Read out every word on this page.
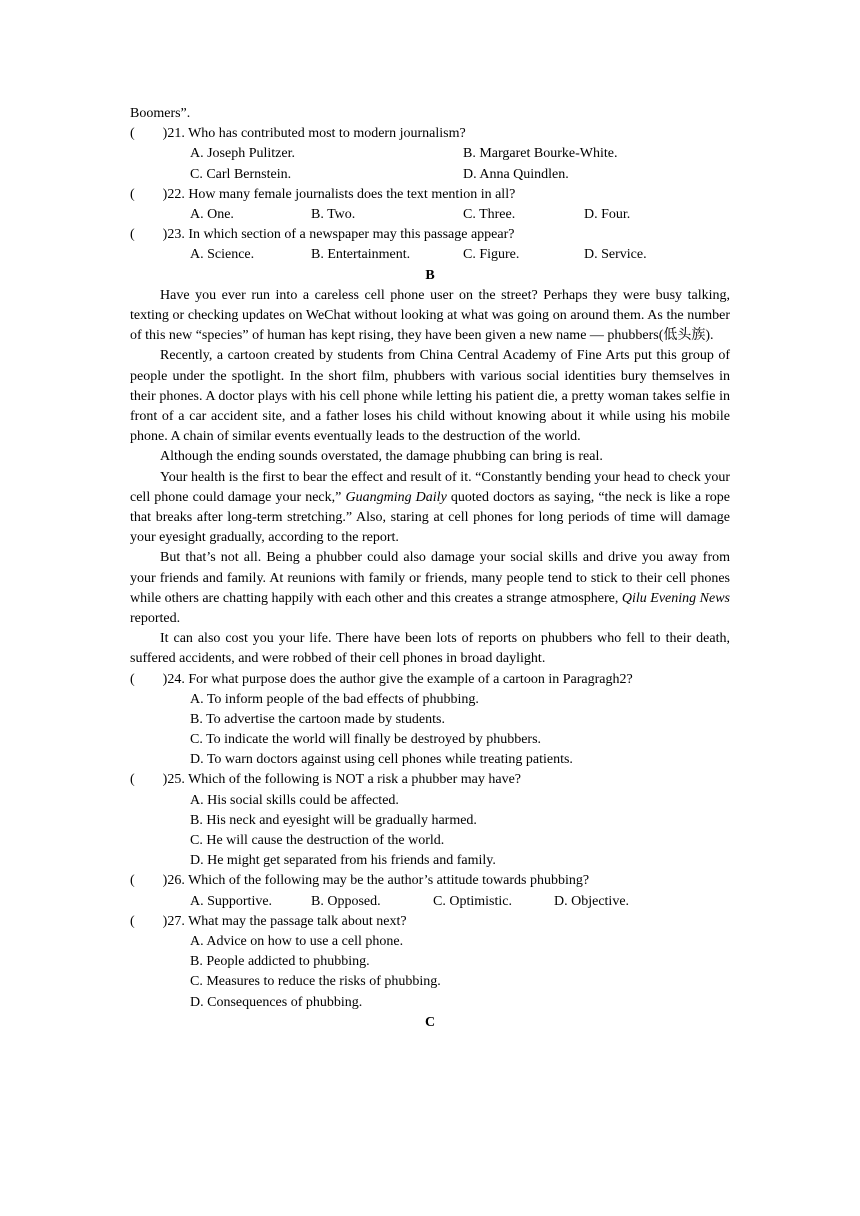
Boomers”.
(　　)21. Who has contributed most to modern journalism?
A. Joseph Pulitzer.	B. Margaret Bourke-White.
C. Carl Bernstein.	D. Anna Quindlen.
(　　)22. How many female journalists does the text mention in all?
A. One.	B. Two.	C. Three.	D. Four.
(　　)23. In which section of a newspaper may this passage appear?
A. Science.	B. Entertainment.	C. Figure.	D. Service.
B
Have you ever run into a careless cell phone user on the street? Perhaps they were busy talking, texting or checking updates on WeChat without looking at what was going on around them. As the number of this new “species” of human has kept rising, they have been given a new name — phubbers(低头族).
Recently, a cartoon created by students from China Central Academy of Fine Arts put this group of people under the spotlight. In the short film, phubbers with various social identities bury themselves in their phones. A doctor plays with his cell phone while letting his patient die, a pretty woman takes selfie in front of a car accident site, and a father loses his child without knowing about it while using his mobile phone. A chain of similar events eventually leads to the destruction of the world.
Although the ending sounds overstated, the damage phubbing can bring is real.
Your health is the first to bear the effect and result of it. “Constantly bending your head to check your cell phone could damage your neck,” Guangming Daily quoted doctors as saying, “the neck is like a rope that breaks after long-term stretching.” Also, staring at cell phones for long periods of time will damage your eyesight gradually, according to the report.
But that’s not all. Being a phubber could also damage your social skills and drive you away from your friends and family. At reunions with family or friends, many people tend to stick to their cell phones while others are chatting happily with each other and this creates a strange atmosphere, Qilu Evening News reported.
It can also cost you your life. There have been lots of reports on phubbers who fell to their death, suffered accidents, and were robbed of their cell phones in broad daylight.
(　　)24. For what purpose does the author give the example of a cartoon in Paragragh2?
A. To inform people of the bad effects of phubbing.
B. To advertise the cartoon made by students.
C. To indicate the world will finally be destroyed by phubbers.
D. To warn doctors against using cell phones while treating patients.
(　　)25. Which of the following is NOT a risk a phubber may have?
A. His social skills could be affected.
B. His neck and eyesight will be gradually harmed.
C. He will cause the destruction of the world.
D. He might get separated from his friends and family.
(　　)26. Which of the following may be the author’s attitude towards phubbing?
A. Supportive.	B. Opposed.	C. Optimistic.	D. Objective.
(　　)27. What may the passage talk about next?
A. Advice on how to use a cell phone.
B. People addicted to phubbing.
C. Measures to reduce the risks of phubbing.
D. Consequences of phubbing.
C
